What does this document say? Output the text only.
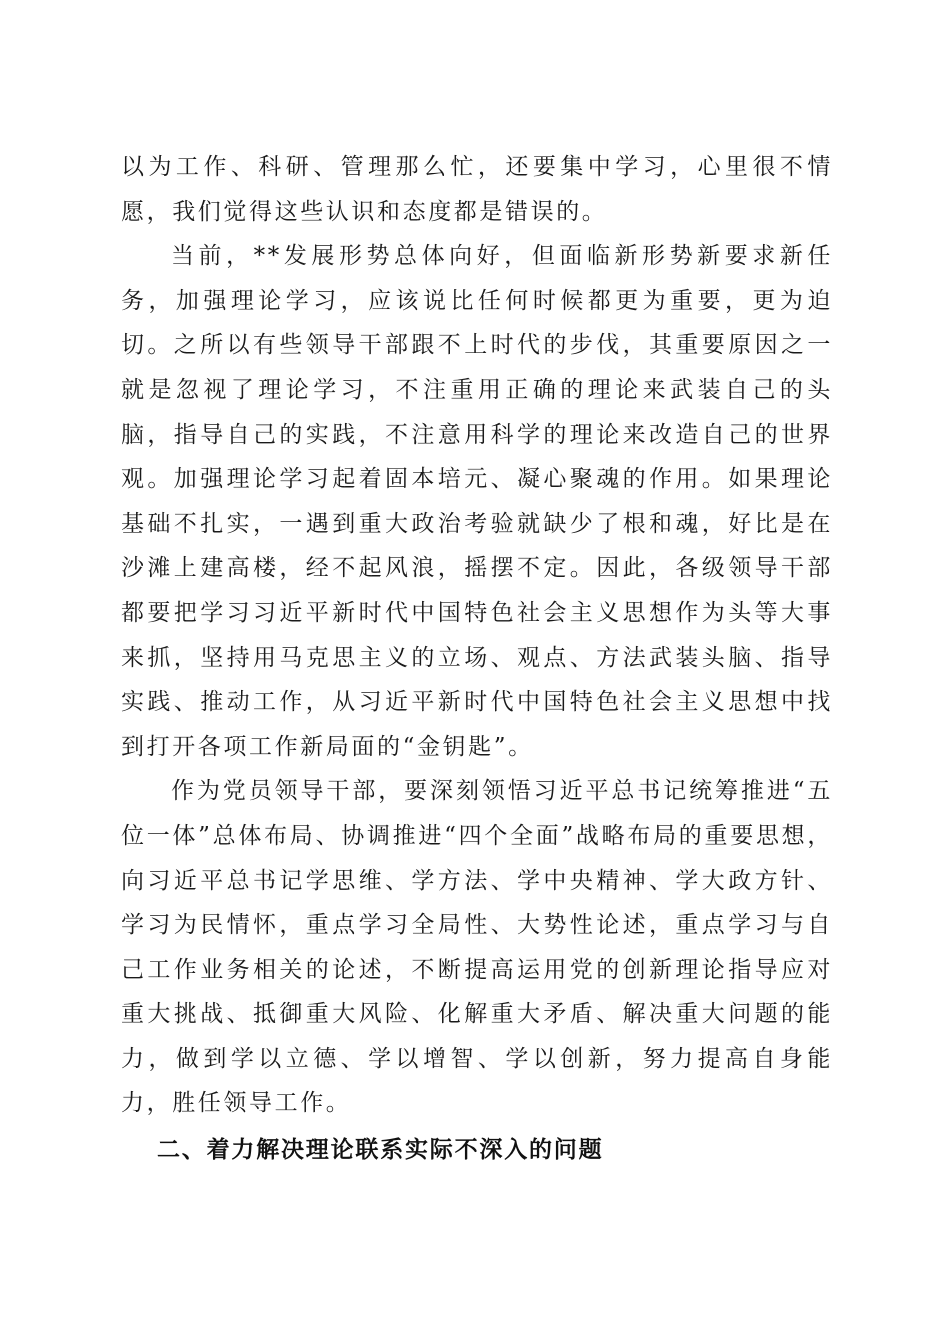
以为工作、科研、管理那么忙，还要集中学习，心里很不情愿，我们觉得这些认识和态度都是错误的。

当前，**发展形势总体向好，但面临新形势新要求新任务，加强理论学习，应该说比任何时候都更为重要，更为迫切。之所以有些领导干部跟不上时代的步伐，其重要原因之一就是忽视了理论学习，不注重用正确的理论来武装自己的头脑，指导自己的实践，不注意用科学的理论来改造自己的世界观。加强理论学习起着固本培元、凝心聚魂的作用。如果理论基础不扎实，一遇到重大政治考验就缺少了根和魂，好比是在沙滩上建高楼，经不起风浪，摇摆不定。因此，各级领导干部都要把学习习近平新时代中国特色社会主义思想作为头等大事来抓，坚持用马克思主义的立场、观点、方法武装头脑、指导实践、推动工作，从习近平新时代中国特色社会主义思想中找到打开各项工作新局面的“金钥匙”。

作为党员领导干部，要深刻领悟习近平总书记统筹推进“五位一体”总体布局、协调推进“四个全面”战略布局的重要思想，向习近平总书记学思维、学方法、学中央精神、学大政方针、学习为民情怀，重点学习全局性、大势性论述，重点学习与自己工作业务相关的论述，不断提高运用党的创新理论指导应对重大挑战、抵御重大风险、化解重大矛盾、解决重大问题的能力，做到学以立德、学以增智、学以创新，努力提高自身能力，胜任领导工作。

二、着力解决理论联系实际不深入的问题
